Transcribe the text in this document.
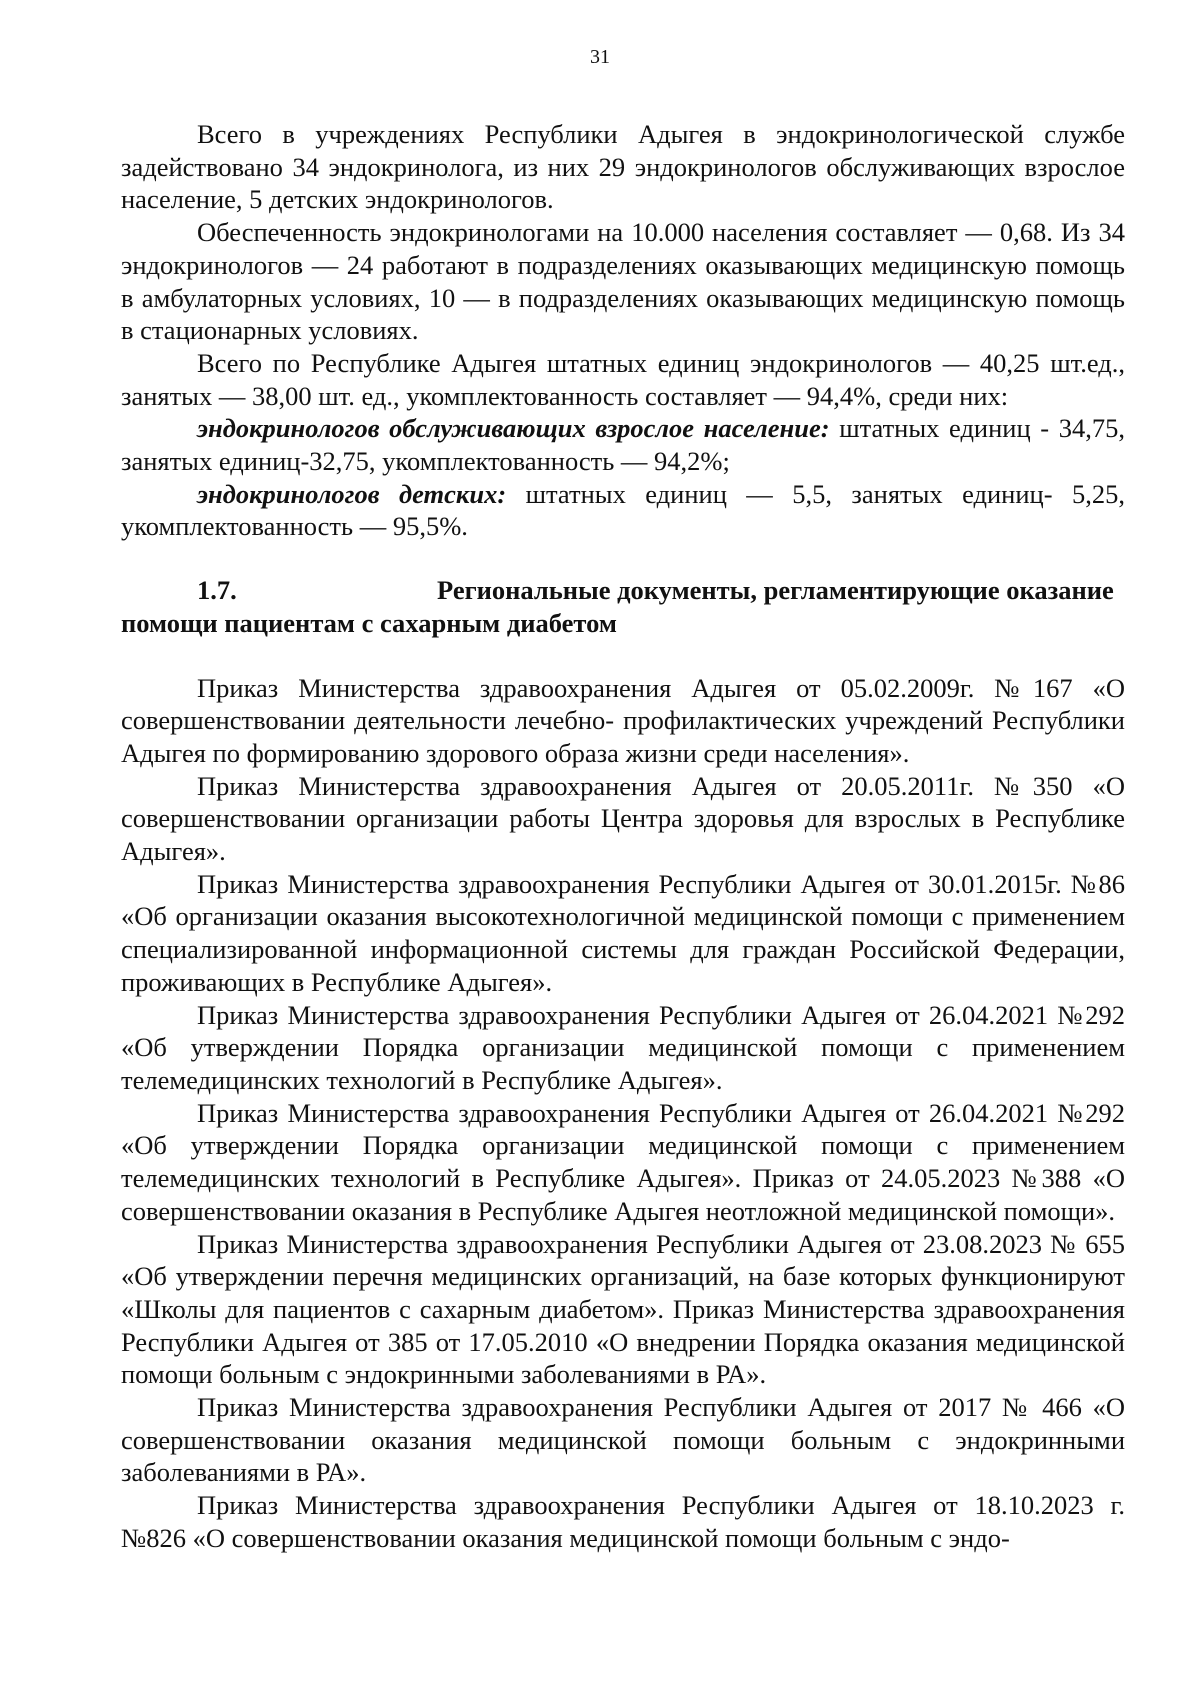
31

Всего в учреждениях Республики Адыгея в эндокринологической службе задействовано 34 эндокринолога, из них 29 эндокринологов обслуживающих взрослое население, 5 детских эндокринологов.

Обеспеченность эндокринологами на 10.000 населения составляет — 0,68. Из 34 эндокринологов — 24 работают в подразделениях оказывающих медицинскую помощь в амбулаторных условиях, 10 — в подразделениях оказывающих медицинскую помощь в стационарных условиях.

Всего по Республике Адыгея штатных единиц эндокринологов — 40,25 шт.ед., занятых — 38,00 шт. ед., укомплектованность составляет — 94,4%, среди них:

эндокринологов обслуживающих взрослое население: штатных единиц - 34,75, занятых единиц-32,75, укомплектованность — 94,2%;

эндокринологов детских: штатных единиц — 5,5, занятых единиц- 5,25, укомплектованность — 95,5%.

1.7.	Региональные документы, регламентирующие оказание помощи пациентам с сахарным диабетом

Приказ Министерства здравоохранения Адыгея от 05.02.2009г. №167 «О совершенствовании деятельности лечебно- профилактических учреждений Республики Адыгея по формированию здорового образа жизни среди населения».

Приказ Министерства здравоохранения Адыгея от 20.05.2011г. №350 «О совершенствовании организации работы Центра здоровья для взрослых в Республике Адыгея».

Приказ Министерства здравоохранения Республики Адыгея от 30.01.2015г. №86 «Об организации оказания высокотехнологичной медицинской помощи с применением специализированной информационной системы для граждан Российской Федерации, проживающих в Республике Адыгея».

Приказ Министерства здравоохранения Республики Адыгея от 26.04.2021 №292 «Об утверждении Порядка организации медицинской помощи с применением телемедицинских технологий в Республике Адыгея».

Приказ Министерства здравоохранения Республики Адыгея от 26.04.2021 №292 «Об утверждении Порядка организации медицинской помощи с применением телемедицинских технологий в Республике Адыгея». Приказ от 24.05.2023 №388 «О совершенствовании оказания в Республике Адыгея неотложной медицинской помощи».

Приказ Министерства здравоохранения Республики Адыгея от 23.08.2023 № 655 «Об утверждении перечня медицинских организаций, на базе которых функционируют «Школы для пациентов с сахарным диабетом». Приказ Министерства здравоохранения Республики Адыгея от 385 от 17.05.2010 «О внедрении Порядка оказания медицинской помощи больным с эндокринными заболеваниями в РА».

Приказ Министерства здравоохранения Республики Адыгея от 2017 № 466 «О совершенствовании оказания медицинской помощи больным с эндокринными заболеваниями в РА».

Приказ Министерства здравоохранения Республики Адыгея от 18.10.2023 г. №826 «О совершенствовании оказания медицинской помощи больным с эндо-
